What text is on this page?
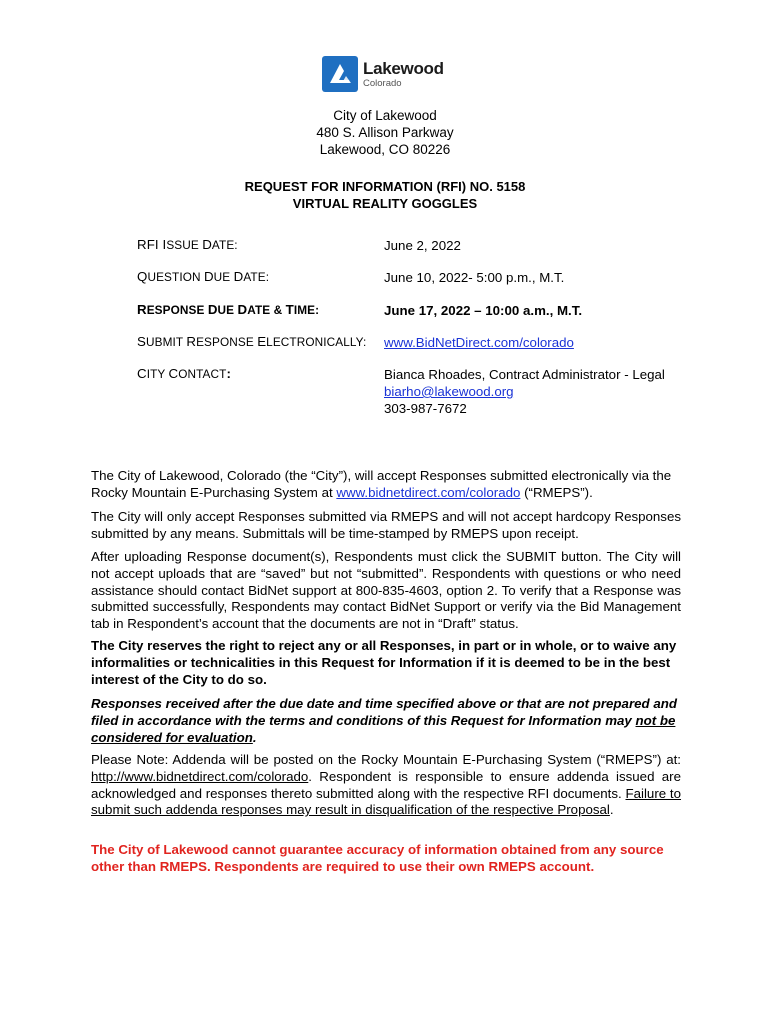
Lakewood
Colorado
City of Lakewood
480 S. Allison Parkway
Lakewood, CO 80226
REQUEST FOR INFORMATION (RFI) NO. 5158
VIRTUAL REALITY GOGGLES
RFI ISSUE DATE:	June 2, 2022
QUESTION DUE DATE:	June 10, 2022- 5:00 p.m., M.T.
RESPONSE DUE DATE & TIME:	June 17, 2022 – 10:00 a.m., M.T.
SUBMIT RESPONSE ELECTRONICALLY: www.BidNetDirect.com/colorado
CITY CONTACT:	Bianca Rhoades, Contract Administrator - Legal
biarho@lakewood.org
303-987-7672
The City of Lakewood, Colorado (the “City”), will accept Responses submitted electronically via the Rocky Mountain E-Purchasing System at www.bidnetdirect.com/colorado (“RMEPS”).
The City will only accept Responses submitted via RMEPS and will not accept hardcopy Responses submitted by any means. Submittals will be time-stamped by RMEPS upon receipt.
After uploading Response document(s), Respondents must click the SUBMIT button. The City will not accept uploads that are “saved” but not “submitted”. Respondents with questions or who need assistance should contact BidNet support at 800-835-4603, option 2. To verify that a Response was submitted successfully, Respondents may contact BidNet Support or verify via the Bid Management tab in Respondent’s account that the documents are not in “Draft” status.
The City reserves the right to reject any or all Responses, in part or in whole, or to waive any informalities or technicalities in this Request for Information if it is deemed to be in the best interest of the City to do so.
Responses received after the due date and time specified above or that are not prepared and filed in accordance with the terms and conditions of this Request for Information may not be considered for evaluation.
Please Note: Addenda will be posted on the Rocky Mountain E-Purchasing System (“RMEPS”) at: http://www.bidnetdirect.com/colorado. Respondent is responsible to ensure addenda issued are acknowledged and responses thereto submitted along with the respective RFI documents. Failure to submit such addenda responses may result in disqualification of the respective Proposal.
The City of Lakewood cannot guarantee accuracy of information obtained from any source other than RMEPS. Respondents are required to use their own RMEPS account.
